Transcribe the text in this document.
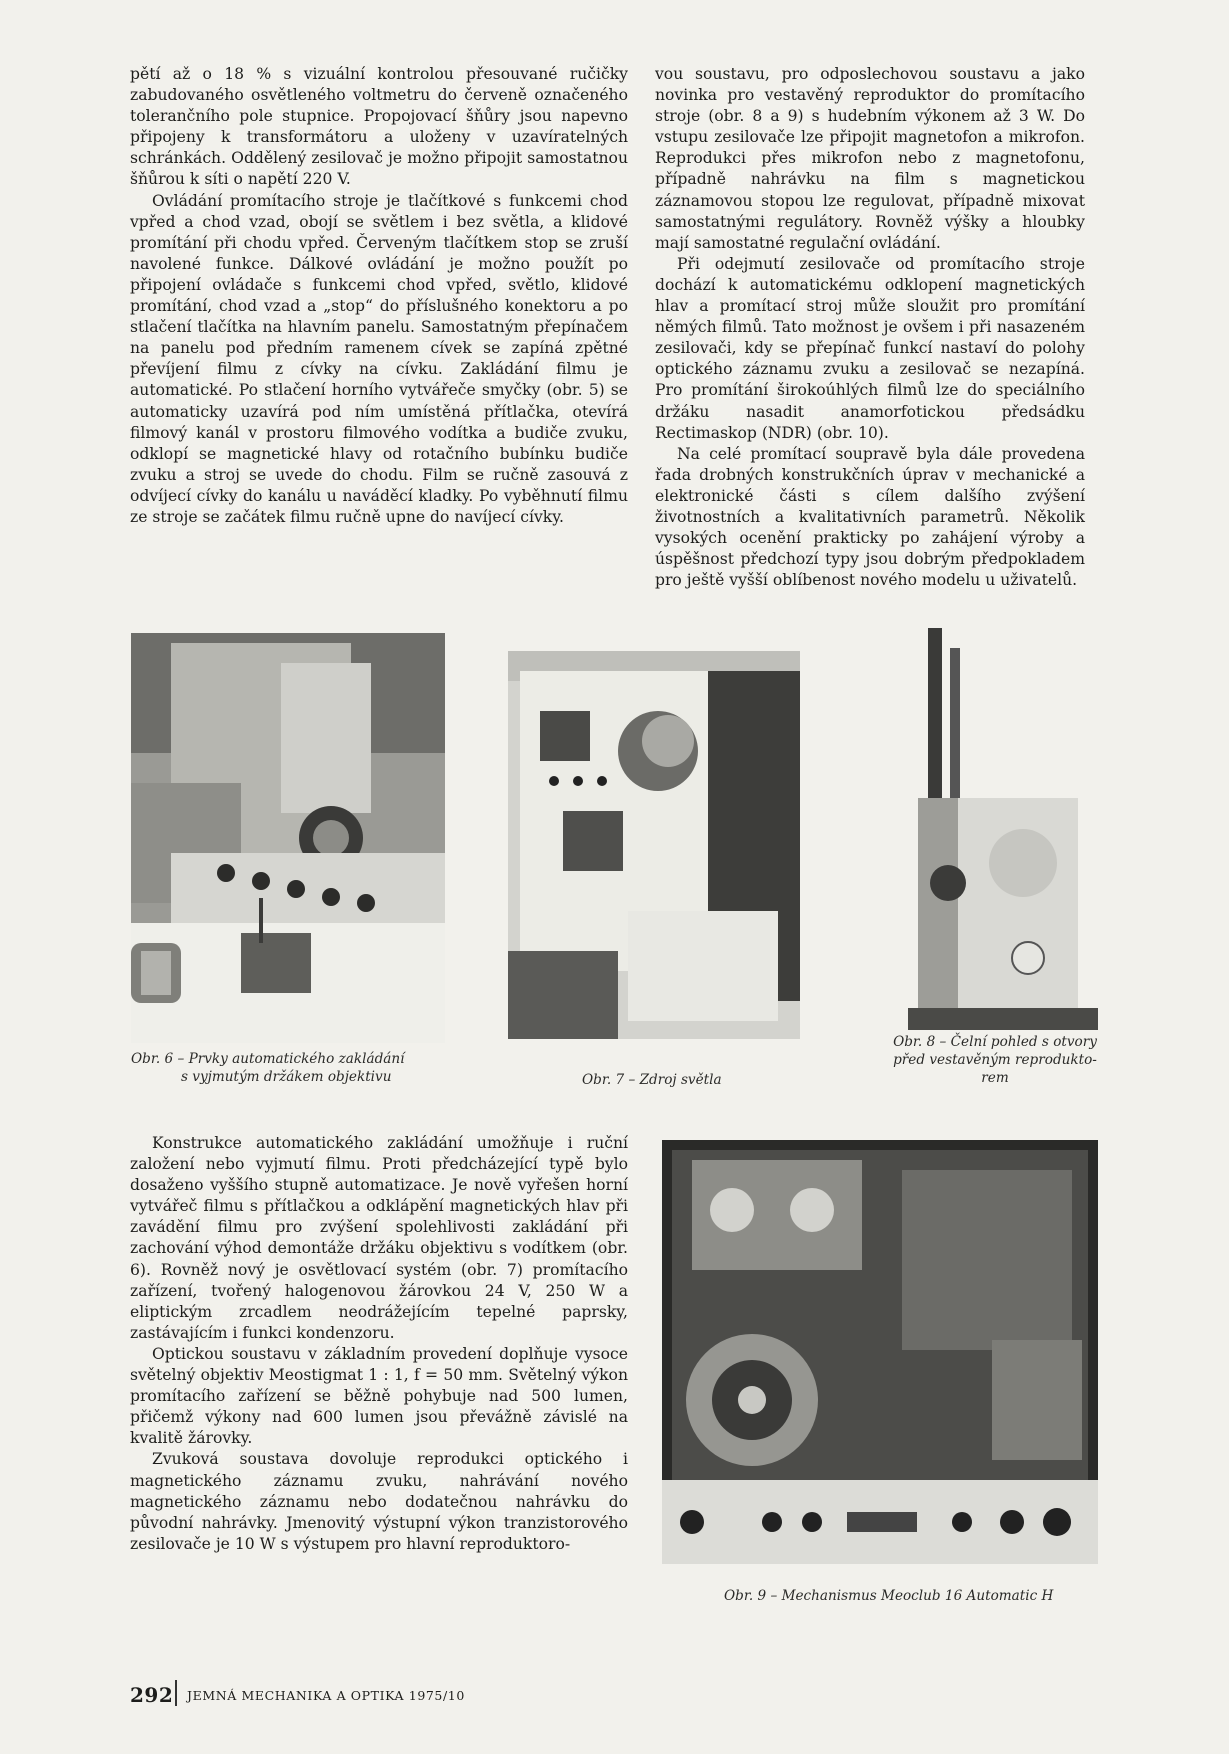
pětí až o 18 % s vizuální kontrolou přesouvané ručičky zabudovaného osvětleného voltmetru do červeně označeného tolerančního pole stupnice. Propojovací šňůry jsou napevno připojeny k transformátoru a uloženy v uzavíratelných schránkách. Oddělený zesilovač je možno připojit samostatnou šňůrou k síti o napětí 220 V.

Ovládání promítacího stroje je tlačítkové s funkcemi chod vpřed a chod vzad, obojí se světlem i bez světla, a klidové promítání při chodu vpřed. Červeným tlačítkem stop se zruší navolené funkce. Dálkové ovládání je možno použít po připojení ovládače s funkcemi chod vpřed, světlo, klidové promítání, chod vzad a „stop“ do příslušného konektoru a po stlačení tlačítka na hlavním panelu. Samostatným přepínačem na panelu pod předním ramenem cívek se zapíná zpětné převíjení filmu z cívky na cívku. Zakládání filmu je automatické. Po stlačení horního vytvářeče smyčky (obr. 5) se automaticky uzavírá pod ním umístěná přítlačka, otevírá filmový kanál v prostoru filmového vodítka a budiče zvuku, odklopí se magnetické hlavy od rotačního bubínku budiče zvuku a stroj se uvede do chodu. Film se ručně zasouvá z odvíjecí cívky do kanálu u naváděcí kladky. Po vyběhnutí filmu ze stroje se začátek filmu ručně upne do navíjecí cívky.

vou soustavu, pro odposlechovou soustavu a jako novinka pro vestavěný reproduktor do promítacího stroje (obr. 8 a 9) s hudebním výkonem až 3 W. Do vstupu zesilovače lze připojit magnetofon a mikrofon. Reprodukci přes mikrofon nebo z magnetofonu, případně nahrávku na film s magnetickou záznamovou stopou lze regulovat, případně mixovat samostatnými regulátory. Rovněž výšky a hloubky mají samostatné regulační ovládání.

Při odejmutí zesilovače od promítacího stroje dochází k automatickému odklopení magnetických hlav a promítací stroj může sloužit pro promítání němých filmů. Tato možnost je ovšem i při nasazeném zesilovači, kdy se přepínač funkcí nastaví do polohy optického záznamu zvuku a zesilovač se nezapíná. Pro promítání širokoúhlých filmů lze do speciálního držáku nasadit anamorfotickou předsádku Rectimaskop (NDR) (obr. 10).

Na celé promítací soupravě byla dále provedena řada drobných konstrukčních úprav v mechanické a elektronické části s cílem dalšího zvýšení životnostních a kvalitativních parametrů. Několik vysokých ocenění prakticky po zahájení výroby a úspěšnost předchozí typy jsou dobrým předpokladem pro ještě vyšší oblíbenost nového modelu u uživatelů.

Obr. 6 – Prvky automatického zakládání
s vyjmutým držákem objektivu	Obr. 7 – Zdroj světla
Obr. 8 – Čelní pohled s otvory
před vestavěným reprodukto-
rem

Konstrukce automatického zakládání umožňuje i ruční založení nebo vyjmutí filmu. Proti předcházející typě bylo dosaženo vyššího stupně automatizace. Je nově vyřešen horní vytvářeč filmu s přítlačkou a odklápění magnetických hlav při zavádění filmu pro zvýšení spolehlivosti zakládání při zachování výhod demontáže držáku objektivu s vodítkem (obr. 6). Rovněž nový je osvětlovací systém (obr. 7) promítacího zařízení, tvořený halogenovou žárovkou 24 V, 250 W a eliptickým zrcadlem neodrážejícím tepelné paprsky, zastávajícím i funkci kondenzoru.

Optickou soustavu v základním provedení doplňuje vysoce světelný objektiv Meostigmat 1 : 1, f = 50 mm. Světelný výkon promítacího zařízení se běžně pohybuje nad 500 lumen, přičemž výkony nad 600 lumen jsou převážně závislé na kvalitě žárovky.

Zvuková soustava dovoluje reprodukci optického i magnetického záznamu zvuku, nahrávání nového magnetického záznamu nebo dodatečnou nahrávku do původní nahrávky. Jmenovitý výstupní výkon tranzistorového zesilovače je 10 W s výstupem pro hlavní reproduktoro-

Obr. 9 – Mechanismus Meoclub 16 Automatic H
292 JEMNÁ MECHANIKA A OPTIKA 1975/10
